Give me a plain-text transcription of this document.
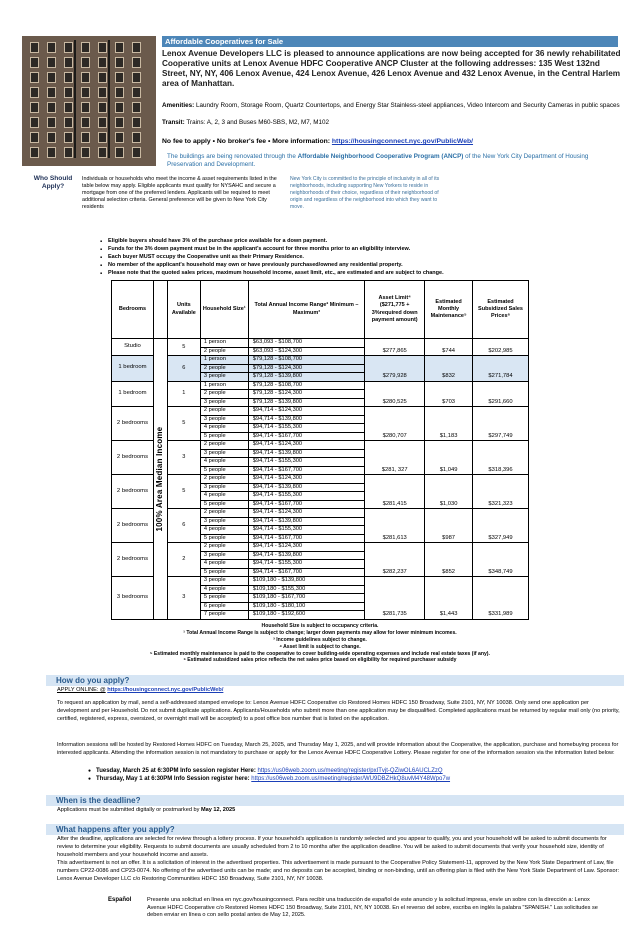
Affordable Cooperatives for Sale
Lenox Avenue Developers LLC is pleased to announce applications are now being accepted for 36 newly rehabilitated Cooperative units at Lenox Avenue HDFC Cooperative ANCP Cluster at the following addresses: 135 West 132nd Street, NY, NY, 406 Lenox Avenue, 424 Lenox Avenue, 426 Lenox Avenue and 432 Lenox Avenue, in the Central Harlem area of Manhattan.
Amenities: Laundry Room, Storage Room, Quartz Countertops, and Energy Star Stainless-steel appliances, Video Intercom and Security Cameras in public spaces
Transit: Trains: A, 2, 3 and Buses M60-SBS, M2, M7, M102
No fee to apply • No broker's fee • More information: https://housingconnect.nyc.gov/PublicWeb/
The buildings are being renovated through the Affordable Neighborhood Cooperative Program (ANCP) of the New York City Department of Housing Preservation and Development.
Who Should Apply?
Individuals or households who meet the income & asset requirements listed in the table below may apply. Eligible applicants must qualify for NYSAHC and secure a mortgage from one of the preferred lenders. Applicants will be required to meet additional selection criteria. General preference will be given to New York City residents
New York City is committed to the principle of inclusivity in all of its neighborhoods, including supporting New Yorkers to reside in neighborhoods of their choice, regardless of their neighborhood of origin and regardless of the neighborhood into which they want to move.
▪ Eligible buyers should have 3% of the purchase price available for a down payment.
▪ Funds for the 3% down payment must be in the applicant's account for three months prior to an eligibility interview.
▪ Each buyer MUST occupy the Cooperative unit as their Primary Residence.
▪ No member of the applicant's household may own or have previously purchased/owned any residential property.
▪ Please note that the quoted sales prices, maximum household income, asset limit, etc., are estimated and are subject to change.
Bedrooms		Units Available	Household Size¹	Total Annual Income Range² Minimum – Maximum³	Asset Limit⁴ ($271,775 + 3%required down payment amount)	Estimated Monthly Maintenance⁵	Estimated Subsidized Sales Prices⁶
Studio	100% Area Median Income	5	1 person	$63,093 - $108,700	$277,865	$744	$202,985
			2 people	$63,093 - $124,300			
1 bedroom		6	1 person	$79,128 - $108,700	$279,928	$832	$271,784
			2 people	$79,128 - $124,300			
			3 people	$79,128 - $139,800			
1 bedroom		1	1 person	$79,128 - $108,700	$280,525	$703	$291,660
			2 people	$79,128 - $124,300			
			3 people	$79,128 - $139,800			
2 bedrooms		5	2 people	$94,714 - $124,300	$280,707	$1,183	$297,749
			3 people	$94,714 - $139,800			
			4 people	$94,714 - $155,300			
			5 people	$94,714 - $167,700			
2 bedrooms		3	2 people	$94,714 - $124,300	$281, 327	$1,049	$318,396
			3 people	$94,714 - $139,800			
			4 people	$94,714 - $155,300			
			5 people	$94,714 - $167,700			
2 bedrooms		5	2 people	$94,714 - $124,300	$281,415	$1,030	$321,323
			3 people	$94,714 - $139,800			
			4 people	$94,714 - $155,300			
			5 people	$94,714 - $167,700			
2 bedrooms		6	2 people	$94,714 - $124,300	$281,613	$987	$327,949
			3 people	$94,714 - $139,800			
			4 people	$94,714 - $155,300			
			5 people	$94,714 - $167,700			
2 bedrooms		2	2 people	$94,714 - $124,300	$282,237	$852	$348,749
			3 people	$94,714 - $139,800			
			4 people	$94,714 - $155,300			
			5 people	$94,714 - $167,700			
3 bedrooms		3	3 people	$109,180 - $139,800	$281,735	$1,443	$331,989
			4 people	$109,180 - $155,300			
			5 people	$109,180 - $167,700			
			6 people	$109,180 - $180,100			
			7 people	$109,180 - $192,600			
Household Size is subject to occupancy criteria.
¹ Total Annual Income Range is subject to change; larger down payments may allow for lower minimum incomes.
³ Income guidelines subject to change.
⁴ Asset limit is subject to change.
⁵ Estimated monthly maintenance is paid to the cooperative to cover building-wide operating expenses and include real estate taxes (if any).
⁶ Estimated subsidized sales price reflects the net sales price based on eligibility for required purchaser subsidy
How do you apply?
APPLY ONLINE: @ https://housingconnect.nyc.gov/PublicWeb/
To request an application by mail, send a self-addressed stamped envelope to: Lenox Avenue HDFC Cooperative c/o Restored Homes HDFC 150 Broadway, Suite 2101, NY, NY 10038. Only send one application per development and per Household. Do not submit duplicate applications. Applicants/Households who submit more than one application may be disqualified. Completed applications must be returned by regular mail only (no priority, certified, registered, express, oversized, or overnight mail will be accepted) to a post office box number that is listed on the application.
Information sessions will be hosted by Restored Homes HDFC on Tuesday, March 25, 2025, and Thursday May 1, 2025, and will provide information about the Cooperative, the application, purchase and homebuying process for interested applicants. Attending the information session is not mandatory to purchase or apply for the Lenox Avenue HDFC Cooperative Lottery. Please register for one of the information session via the information listed below:
● Tuesday, March 25 at 6:30PM Info session register Here: https://us06web.zoom.us/meeting/register/pxITvjt-QZiwOL6AUCLZzQ
● Thursday, May 1 at 6:30PM Info Session register here: https://us06web.zoom.us/meeting/register/WU9DBZHkQ8uvM4Y48Wpo7w
When is the deadline?
Applications must be submitted digitally or postmarked by May 12, 2025
What happens after you apply?
After the deadline, applications are selected for review through a lottery process. If your household's application is randomly selected and you appear to qualify, you and your household will be asked to submit documents for review to determine your eligibility. Requests to submit documents are usually scheduled from 2 to 10 months after the application deadline. You will be asked to submit documents that verify your household size, identity of household members and your household income and assets.
This advertisement is not an offer. It is a solicitation of interest in the advertised properties. This advertisement is made pursuant to the Cooperative Policy Statement-11, approved by the New York State Department of Law, file numbers CP22-0086 and CP23-0074. No offering of the advertised units can be made; and no deposits can be accepted, binding or non-binding, until an offering plan is filed with the New York State Department of Law. Sponsor: Lenox Avenue Developer LLC c/o Restoring Communities HDFC 150 Broadway, Suite 2101, NY, NY 10038.
Español	Presente una solicitud en línea en nyc.gov/housingconnect. Para recibir una traducción de español de este anuncio y la solicitud impresa, envíe un sobre con la dirección a: Lenox Avenue HDFC Cooperative c/o Restored Homes HDFC 150 Broadway, Suite 2101, NY, NY 10038. En el reverso del sobre, escriba en inglés la palabra "SPANISH." Las solicitudes se deben enviar en línea o con sello postal antes de May 12, 2025.
